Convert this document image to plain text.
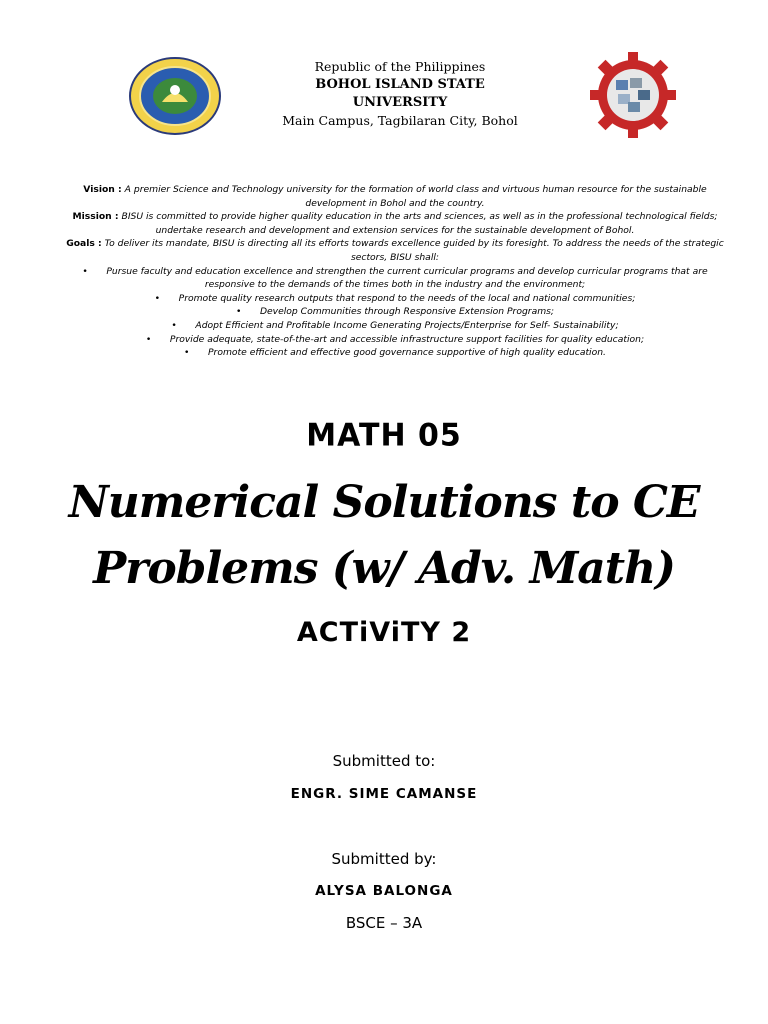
Republic of the Philippines
BOHOL ISLAND STATE
UNIVERSITY
Main Campus, Tagbilaran City, Bohol
Vision : A premier Science and Technology university for the formation of world class and virtuous human resource for the sustainable development in Bohol and the country.
Mission : BISU is committed to provide higher quality education in the arts and sciences, as well as in the professional technological fields; undertake research and development and extension services for the sustainable development of Bohol.
Goals : To deliver its mandate, BISU is directing all its efforts towards excellence guided by its foresight. To address the needs of the strategic sectors, BISU shall:
• Pursue faculty and education excellence and strengthen the current curricular programs and develop curricular programs that are responsive to the demands of the times both in the industry and the environment;
• Promote quality research outputs that respond to the needs of the local and national communities;
• Develop Communities through Responsive Extension Programs;
• Adopt Efficient and Profitable Income Generating Projects/Enterprise for Self- Sustainability;
• Provide adequate, state-of-the-art and accessible infrastructure support facilities for quality education;
• Promote efficient and effective good governance supportive of high quality education.
MATH 05
Numerical Solutions to CE
Problems (w/ Adv. Math)
ACTiViTY 2
Submitted to:
ENGR. SIME CAMANSE
Submitted by:
ALYSA BALONGA
BSCE – 3A
